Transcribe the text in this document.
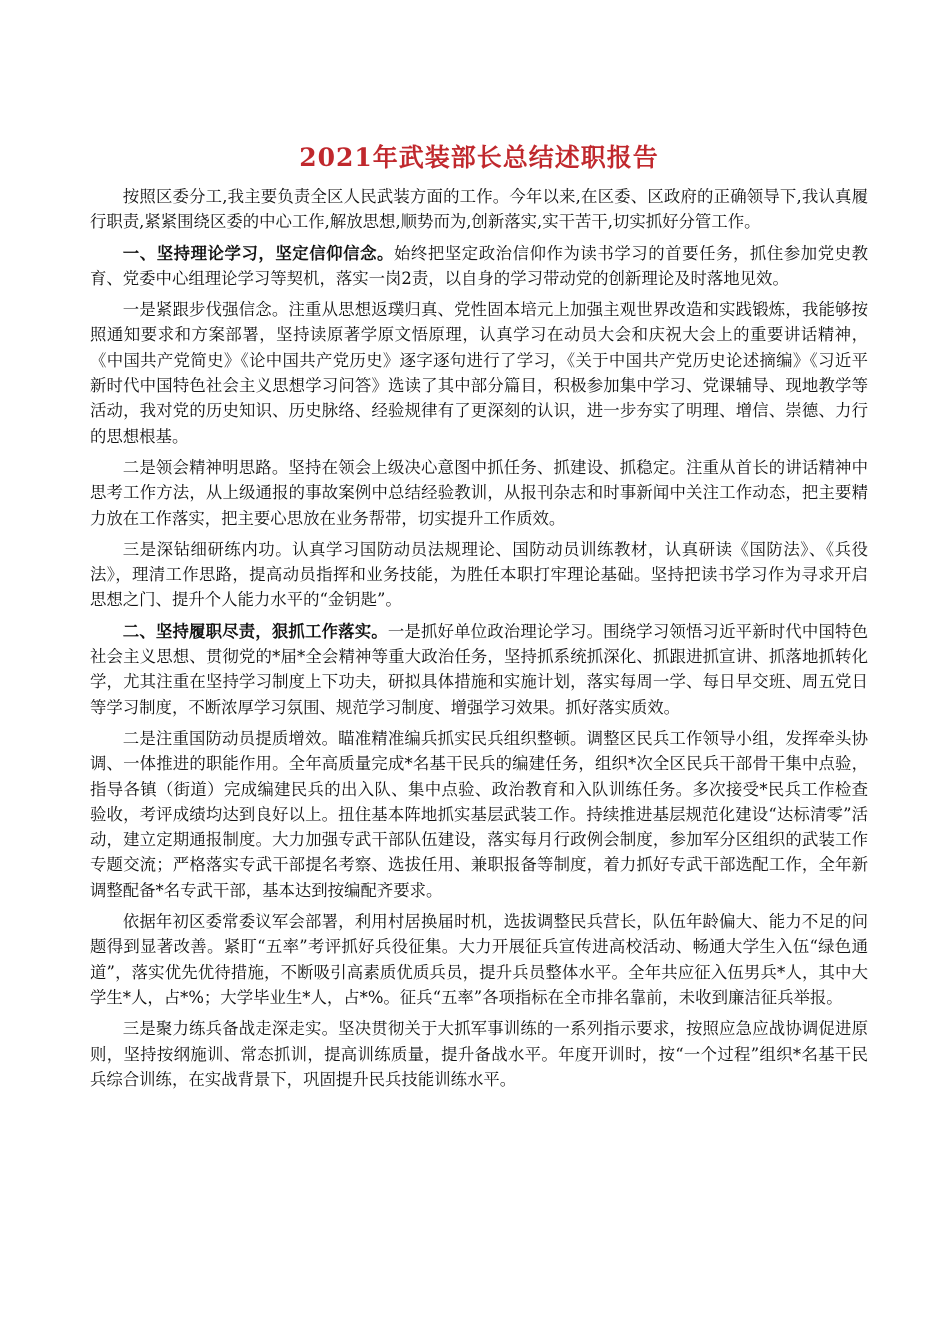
2021年武装部长总结述职报告

按照区委分工,我主要负责全区人民武装方面的工作。今年以来,在区委、区政府的正确领导下,我认真履行职责,紧紧围绕区委的中心工作,解放思想,顺势而为,创新落实,实干苦干,切实抓好分管工作。

一、坚持理论学习，坚定信仰信念。始终把坚定政治信仰作为读书学习的首要任务，抓住参加党史教育、党委中心组理论学习等契机，落实一岗2责，以自身的学习带动党的创新理论及时落地见效。

一是紧跟步伐强信念。注重从思想返璞归真、党性固本培元上加强主观世界改造和实践锻炼，我能够按照通知要求和方案部署，坚持读原著学原文悟原理，认真学习在动员大会和庆祝大会上的重要讲话精神，《中国共产党简史》《论中国共产党历史》逐字逐句进行了学习，《关于中国共产党历史论述摘编》《习近平新时代中国特色社会主义思想学习问答》选读了其中部分篇目，积极参加集中学习、党课辅导、现地教学等活动，我对党的历史知识、历史脉络、经验规律有了更深刻的认识，进一步夯实了明理、增信、崇德、力行的思想根基。

二是领会精神明思路。坚持在领会上级决心意图中抓任务、抓建设、抓稳定。注重从首长的讲话精神中思考工作方法，从上级通报的事故案例中总结经验教训，从报刊杂志和时事新闻中关注工作动态，把主要精力放在工作落实，把主要心思放在业务帮带，切实提升工作质效。

三是深钻细研练内功。认真学习国防动员法规理论、国防动员训练教材，认真研读《国防法》、《兵役法》，理清工作思路，提高动员指挥和业务技能，为胜任本职打牢理论基础。坚持把读书学习作为寻求开启思想之门、提升个人能力水平的“金钥匙”。

二、坚持履职尽责，狠抓工作落实。一是抓好单位政治理论学习。围绕学习领悟习近平新时代中国特色社会主义思想、贯彻党的*届*全会精神等重大政治任务，坚持抓系统抓深化、抓跟进抓宣讲、抓落地抓转化学，尤其注重在坚持学习制度上下功夫，研拟具体措施和实施计划，落实每周一学、每日早交班、周五党日等学习制度，不断浓厚学习氛围、规范学习制度、增强学习效果。抓好落实质效。

二是注重国防动员提质增效。瞄准精准编兵抓实民兵组织整顿。调整区民兵工作领导小组，发挥牵头协调、一体推进的职能作用。全年高质量完成*名基干民兵的编建任务，组织*次全区民兵干部骨干集中点验，指导各镇（街道）完成编建民兵的出入队、集中点验、政治教育和入队训练任务。多次接受*民兵工作检查验收，考评成绩均达到良好以上。扭住基本阵地抓实基层武装工作。持续推进基层规范化建设“达标清零”活动，建立定期通报制度。大力加强专武干部队伍建设，落实每月行政例会制度，参加军分区组织的武装工作专题交流；严格落实专武干部提名考察、选拔任用、兼职报备等制度，着力抓好专武干部选配工作，全年新调整配备*名专武干部，基本达到按编配齐要求。

依据年初区委常委议军会部署，利用村居换届时机，选拔调整民兵营长，队伍年龄偏大、能力不足的问题得到显著改善。紧盯“五率”考评抓好兵役征集。大力开展征兵宣传进高校活动、畅通大学生入伍“绿色通道”，落实优先优待措施，不断吸引高素质优质兵员，提升兵员整体水平。全年共应征入伍男兵*人，其中大学生*人，占*%；大学毕业生*人，占*%。征兵“五率”各项指标在全市排名靠前，未收到廉洁征兵举报。

三是聚力练兵备战走深走实。坚决贯彻关于大抓军事训练的一系列指示要求，按照应急应战协调促进原则，坚持按纲施训、常态抓训，提高训练质量，提升备战水平。年度开训时，按“一个过程”组织*名基干民兵综合训练，在实战背景下，巩固提升民兵技能训练水平。
